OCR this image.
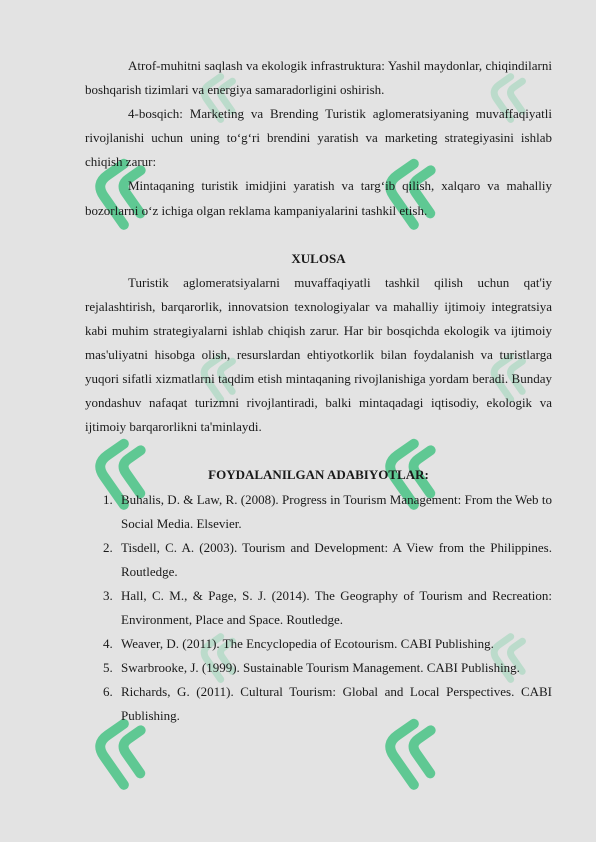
Atrof-muhitni saqlash va ekologik infrastruktura: Yashil maydonlar, chiqindilarni boshqarish tizimlari va energiya samaradorligini oshirish.

4-bosqich: Marketing va Brending Turistik aglomeratsiyaning muvaffaqiyatli rivojlanishi uchun uning to‘g‘ri brendini yaratish va marketing strategiyasini ishlab chiqish zarur:

Mintaqaning turistik imidjini yaratish va targ‘ib qilish, xalqaro va mahalliy bozorlarni o‘z ichiga olgan reklama kampaniyalarini tashkil etish.

XULOSA

Turistik aglomeratsiyalarni muvaffaqiyatli tashkil qilish uchun qat'iy rejalashtirish, barqarorlik, innovatsion texnologiyalar va mahalliy ijtimoiy integratsiya kabi muhim strategiyalarni ishlab chiqish zarur. Har bir bosqichda ekologik va ijtimoiy mas'uliyatni hisobga olish, resurslardan ehtiyotkorlik bilan foydalanish va turistlarga yuqori sifatli xizmatlarni taqdim etish mintaqaning rivojlanishiga yordam beradi. Bunday yondashuv nafaqat turizmni rivojlantiradi, balki mintaqadagi iqtisodiy, ekologik va ijtimoiy barqarorlikni ta'minlaydi.

FOYDALANILGAN ADABIYOTLAR:

1. Buhalis, D. & Law, R. (2008). Progress in Tourism Management: From the Web to Social Media. Elsevier.
2. Tisdell, C. A. (2003). Tourism and Development: A View from the Philippines. Routledge.
3. Hall, C. M., & Page, S. J. (2014). The Geography of Tourism and Recreation: Environment, Place and Space. Routledge.
4. Weaver, D. (2011). The Encyclopedia of Ecotourism. CABI Publishing.
5. Swarbrooke, J. (1999). Sustainable Tourism Management. CABI Publishing.
6. Richards, G. (2011). Cultural Tourism: Global and Local Perspectives. CABI Publishing.
